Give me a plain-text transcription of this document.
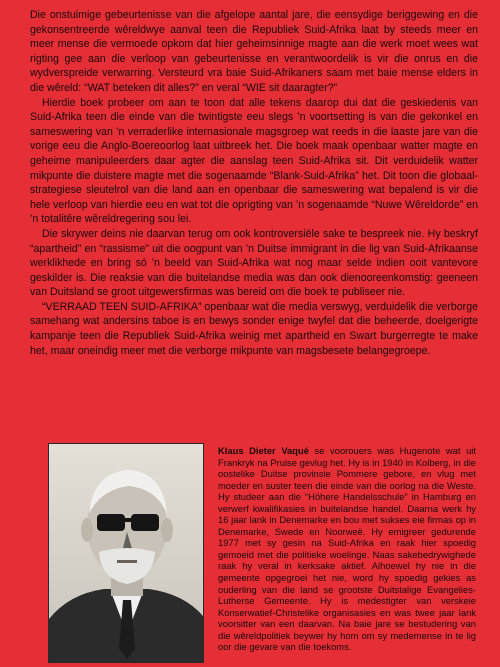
Die onstuimige gebeurtenisse van die afgelope aantal jare, die eensydige beriggewing en die gekonsentreerde wêreldwye aanval teen die Republiek Suid-Afrika laat by steeds meer en meer mense die vermoede opkom dat hier geheimsinnige magte aan die werk moet wees wat rigting gee aan die verloop van gebeurtenisse en verantwoordelik is vir die onrus en die wydverspreide verwarring. Versteurd vra baie Suid-Afrikaners saam met baie mense elders in die wêreld: “WAT beteken dit alles?” en veral “WIE sit daaragter?”

Hierdie boek probeer om aan te toon dat alle tekens daarop dui dat die geskiedenis van Suid-Afrika teen die einde van die twintigste eeu slegs ’n voortsetting is van die gekonkel en sameswering van ’n verraderlike internasionale magsgroep wat reeds in die laaste jare van die vorige eeu die Anglo-Boereoorlog laat uitbreek het. Die boek maak openbaar watter magte en geheime manipuleerders daar agter die aanslag teen Suid-Afrika sit. Dit verduidelik watter mikpunte die duistere magte met die sogenaamde “Blank-Suid-Afrika” het. Dit toon die globaal-strategiese sleutelrol van die land aan en openbaar die sameswering wat bepalend is vir die hele verloop van hierdie eeu en wat tot die oprigting van ’n sogenaamde “Nuwe Wêreldorde” en ’n totalitêre wêreldregering sou lei.

Die skrywer deins nie daarvan terug om ook kontroversiële sake te bespreek nie. Hy beskryf “apartheid” en “rassisme” uit die oogpunt van ’n Duitse immigrant in die lig van Suid-Afrikaanse werklikhede en bring só ’n beeld van Suid-Afrika wat nog maar selde indien ooit vantevore geskilder is. Die reaksie van die buitelandse media was dan ook dienooreenkomstig: geeneen van Duitsland se groot uitgewersfirmas was bereid om die boek te publiseer nie.

“VERRAAD TEEN SUID-AFRIKA” openbaar wat die media verswyg, verduidelik die verborge samehang wat andersins taboe is en bewys sonder enige twyfel dat die beheerde, doelgerigte kampanje teen die Republiek Suid-Afrika weinig met apartheid en Swart burgerregte te make het, maar oneindig meer met die verborge mikpunte van magsbesete belangegroepe.

Klaus Dieter Vaqué se voorouers was Hugenote wat uit Frankryk na Pruise gevlug het. Hy is in 1940 in Kolberg, in die oostelike Duitse provinsie Pommere gebore, en vlug met moeder en suster teen die einde van die oorlog na die Weste. Hy studeer aan die “Höhere Handelsschule” in Hamburg en verwerf kwalifikasies in buitelandse handel. Daarna werk hy 16 jaar lank in Denemarke en bou met sukses eie firmas op in Denemarke, Swede en Noorweë. Hy emigreer gedurende 1977 met sy gesin na Suid-Afrika en raak hier spoedig gemoeid met die politieke woelinge. Naas sakebedrywighede raak hy veral in kerksake aktief. Alhoewel hy nie in die gemeente opgegroei het nie, word hy spoedig gekies as ouderling van die land se grootste Duitstalige Evangelies-Lutherse Gemeente. Hy is medestigter van verskeie Konserwatief-Christelike organisasies en was twee jaar lank voorsitter van een daarvan. Na baie jare se bestudering van die wêreldpolitiek beywer hy hom om sy medemense in te lig oor die gevare van die toekoms.
